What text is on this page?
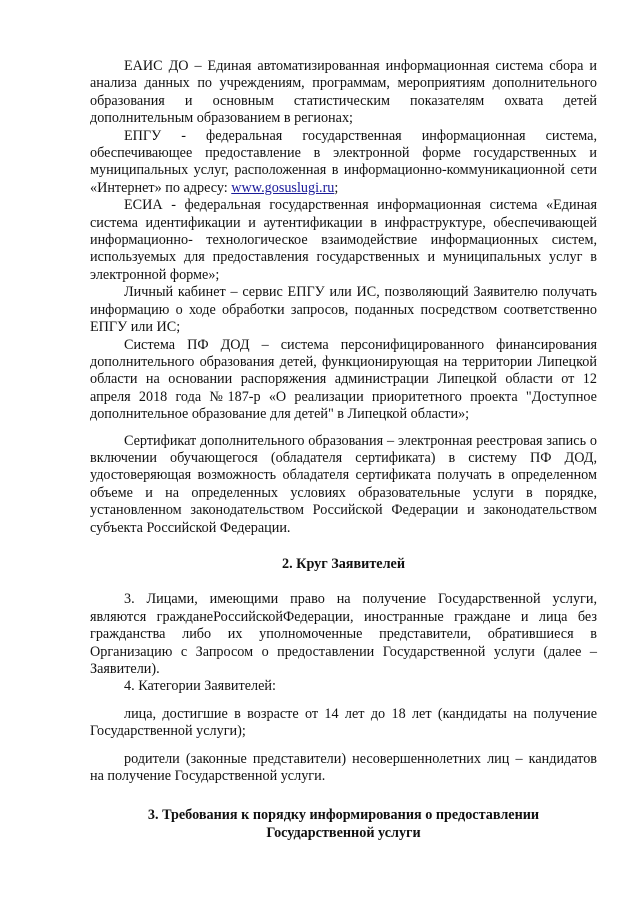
ЕАИС ДО – Единая автоматизированная информационная система сбора и анализа данных по учреждениям, программам, мероприятиям дополнительного образования и основным статистическим показателям охвата детей дополнительным образованием в регионах;

ЕПГУ - федеральная государственная информационная система, обеспечивающее предоставление в электронной форме государственных и муниципальных услуг, расположенная в информационно-коммуникационной сети «Интернет» по адресу: www.gosuslugi.ru;

ЕСИА - федеральная государственная информационная система «Единая система идентификации и аутентификации в инфраструктуре, обеспечивающей информационно- технологическое взаимодействие информационных систем, используемых для предоставления государственных и муниципальных услуг в электронной форме»;

Личный кабинет – сервис ЕПГУ или ИС, позволяющий Заявителю получать информацию о ходе обработки запросов, поданных посредством соответственно ЕПГУ или ИС;

Система ПФ ДОД – система персонифицированного финансирования дополнительного образования детей, функционирующая на территории Липецкой области на основании распоряжения администрации Липецкой области от 12 апреля 2018 года №187-р «О реализации приоритетного проекта "Доступное дополнительное образование для детей" в Липецкой области»;

Сертификат дополнительного образования – электронная реестровая запись о включении обучающегося (обладателя сертификата) в систему ПФ ДОД, удостоверяющая возможность обладателя сертификата получать в определенном объеме и на определенных условиях образовательные услуги в порядке, установленном законодательством Российской Федерации и законодательством субъекта Российской Федерации.

2. Круг Заявителей

3. Лицами, имеющими право на получение Государственной услуги, являются гражданеРоссийскойФедерации, иностранные граждане и лица без гражданства либо их уполномоченные представители, обратившиеся в Организацию с Запросом о предоставлении Государственной услуги (далее – Заявители).

4. Категории Заявителей:

лица, достигшие в возрасте от 14 лет до 18 лет (кандидаты на получение Государственной услуги);

родители (законные представители) несовершеннолетних лиц – кандидатов на получение Государственной услуги.

3. Требования к порядку информирования о предоставлении
Государственной услуги
